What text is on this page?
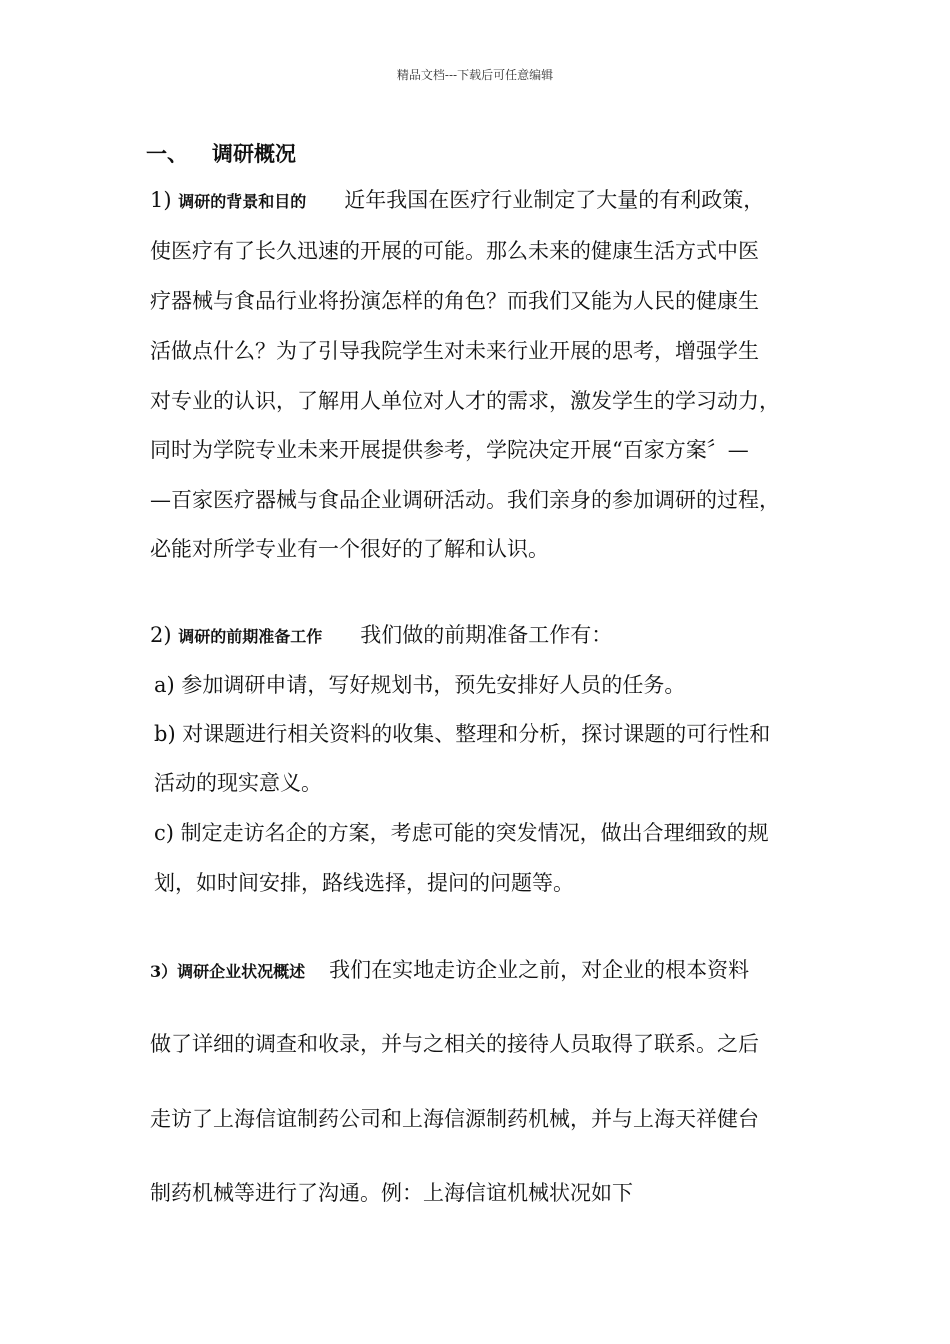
精品文档---下载后可任意编辑
一、 调研概况
1) 调研的背景和目的 近年我国在医疗行业制定了大量的有利政策，
使医疗有了长久迅速的开展的可能。那么未来的健康生活方式中医
疗器械与食品行业将扮演怎样的角色？而我们又能为人民的健康生
活做点什么？为了引导我院学生对未来行业开展的思考，增强学生
对专业的认识，了解用人单位对人才的需求，激发学生的学习动力，
同时为学院专业未来开展提供参考，学院决定开展“百家方案〞—
—百家医疗器械与食品企业调研活动。我们亲身的参加调研的过程，
必能对所学专业有一个很好的了解和认识。
2) 调研的前期准备工作 我们做的前期准备工作有：
a) 参加调研申请，写好规划书，预先安排好人员的任务。
b) 对课题进行相关资料的收集、整理和分析，探讨课题的可行性和
活动的现实意义。
c) 制定走访名企的方案，考虑可能的突发情况，做出合理细致的规
划，如时间安排，路线选择，提问的问题等。
3）调研企业状况概述 我们在实地走访企业之前，对企业的根本资料
做了详细的调查和收录，并与之相关的接待人员取得了联系。之后
走访了上海信谊制药公司和上海信源制药机械，并与上海天祥健台
制药机械等进行了沟通。例：上海信谊机械状况如下
